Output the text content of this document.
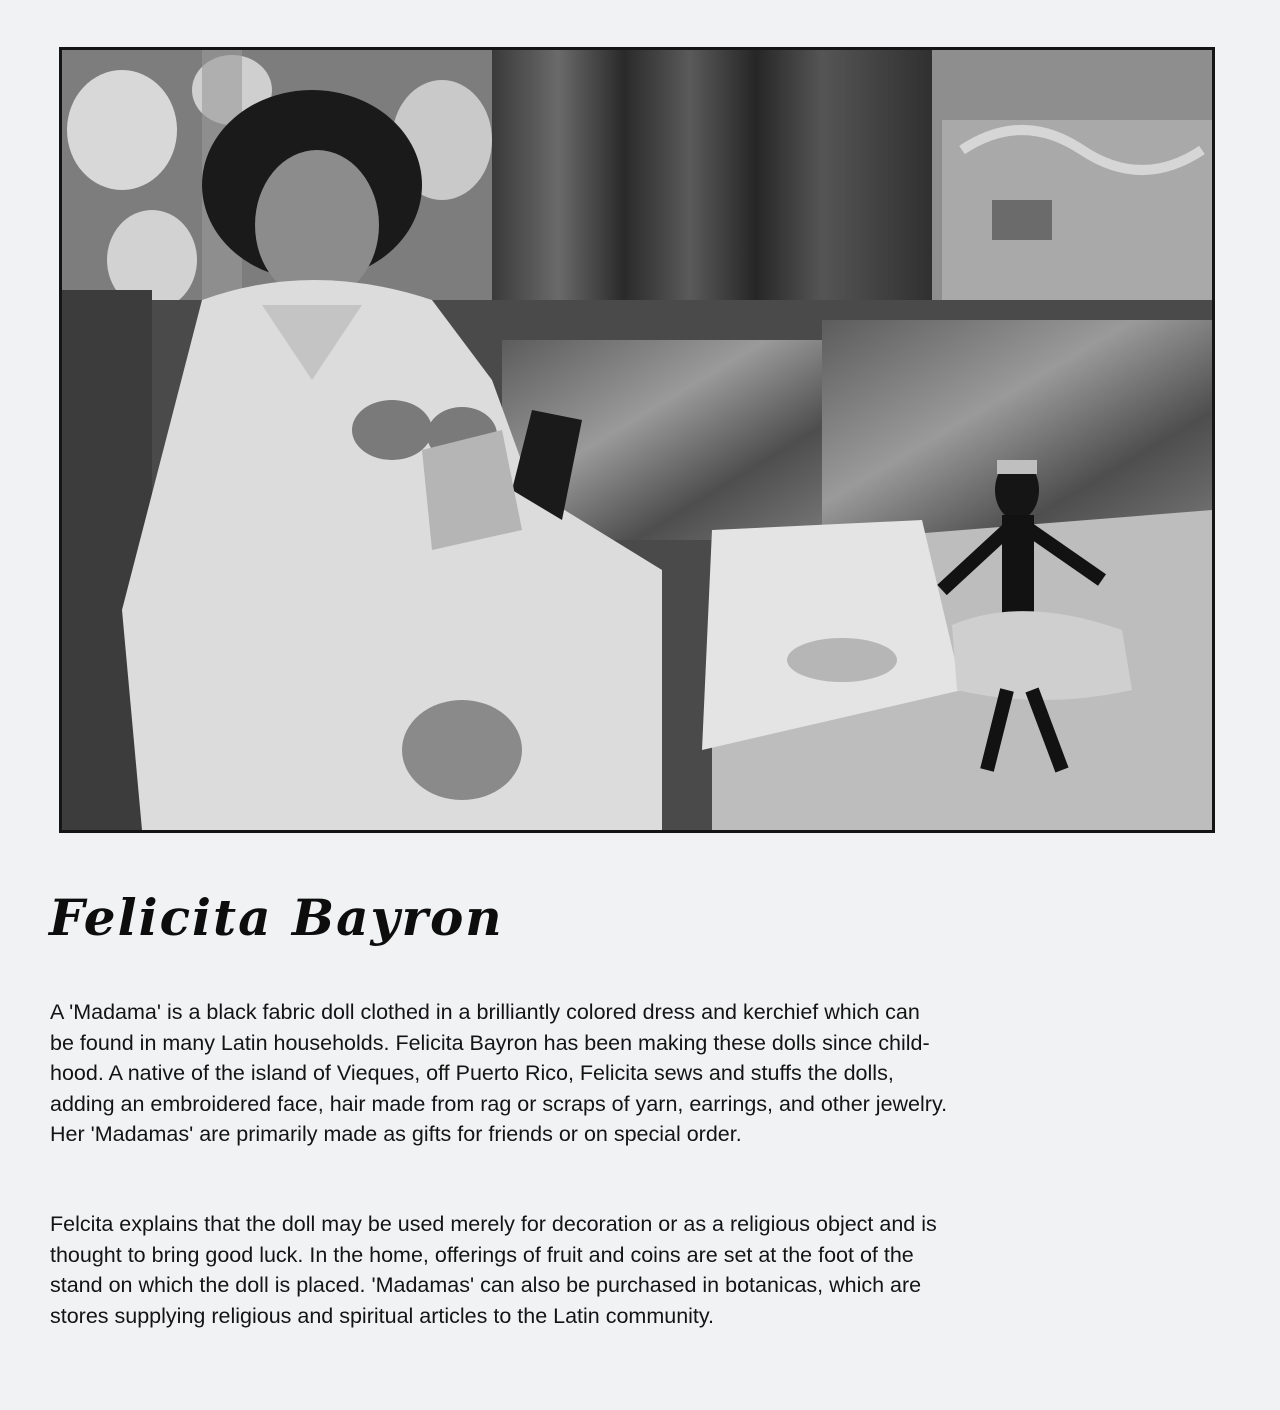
Felicita Bayron

A 'Madama' is a black fabric doll clothed in a brilliantly colored dress and kerchief which can
be found in many Latin households. Felicita Bayron has been making these dolls since child-
hood. A native of the island of Vieques, off Puerto Rico, Felicita sews and stuffs the dolls,
adding an embroidered face, hair made from rag or scraps of yarn, earrings, and other jewelry.
Her 'Madamas' are primarily made as gifts for friends or on special order.

Felcita explains that the doll may be used merely for decoration or as a religious object and is
thought to bring good luck. In the home, offerings of fruit and coins are set at the foot of the
stand on which the doll is placed. 'Madamas' can also be purchased in botanicas, which are
stores supplying religious and spiritual articles to the Latin community.
